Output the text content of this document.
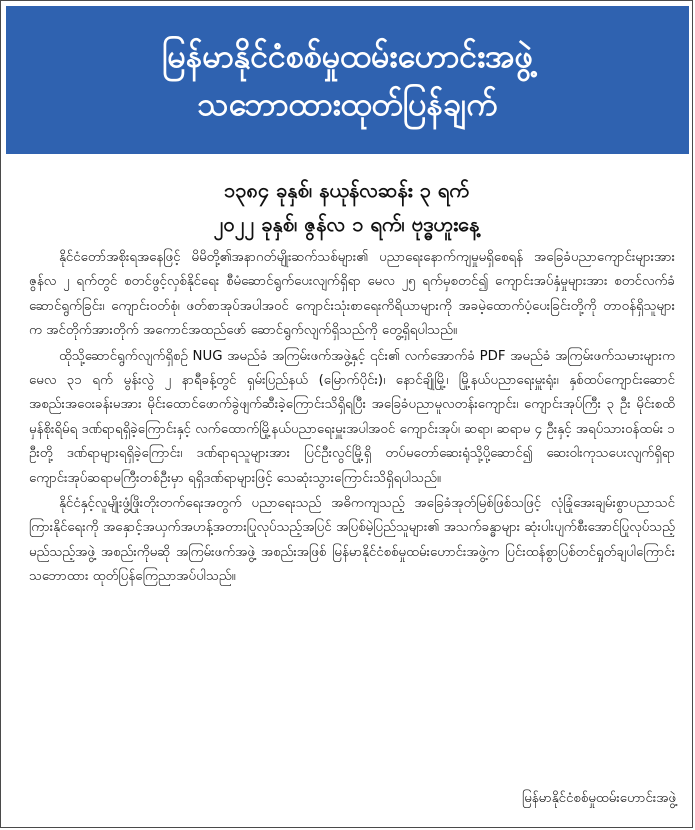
မြန်မာနိုင်ငံစစ်မှုထမ်းဟောင်းအဖွဲ့
သဘောထားထုတ်ပြန်ချက်
၁၃၈၄ ခုနှစ်၊ နယုန်လဆန်း ၃ ရက်
၂၀၂၂ ခုနှစ်၊ ဇွန်လ ၁ ရက်၊ ဗုဒ္ဓဟူးနေ့

နိုင်ငံတော်အစိုးရအနေဖြင့် မိမိတို့၏အနာဂတ်မျိုးဆက်သစ်များ၏ ပညာရေးနောက်ကျမှုမရှိစေရန် အခြေခံပညာကျောင်းများအား ဇွန်လ ၂ ရက်တွင် စတင်ဖွင့်လှစ်နိုင်ရေး စီမံဆောင်ရွက်ပေးလျက်ရှိရာ မေလ ၂၅ ရက်မှစတင်၍ ကျောင်းအပ်နှံမှုများအား စတင်လက်ခံဆောင်ရွက်ခြင်း၊ ကျောင်းဝတ်စုံ၊ ဖတ်စာအုပ်အပါအဝင် ကျောင်းသုံးစာရေးကိရိယာများကို အခမဲ့ထောက်ပံ့ပေးခြင်းတို့ကို တာဝန်ရှိသူများက အင်တိုက်အားတိုက် အကောင်အထည်ဖော် ဆောင်ရွက်လျက်ရှိသည်ကို တွေ့ရှိရပါသည်။

ထိုသို့ဆောင်ရွက်လျက်ရှိစဉ် NUG အမည်ခံ အကြမ်းဖက်အဖွဲ့နှင့် ၎င်း၏ လက်အောက်ခံ PDF အမည်ခံ အကြမ်းဖက်သမားများက မေလ ၃၁ ရက် မွန်းလွဲ ၂ နာရီခန့်တွင် ရှမ်းပြည်နယ် (မြောက်ပိုင်း)၊ နောင်ချိုမြို့၊ မြို့နယ်ပညာရေးမှူးရုံး၊ နှစ်ထပ်ကျောင်းဆောင် အစည်းအဝေးခန်းမအား မိုင်းထောင်ဖောက်ခွဲဖျက်ဆီးခဲ့ကြောင်းသိရှိရပြီး အခြေခံပညာမူလတန်းကျောင်း၊ ကျောင်းအုပ်ကြီး ၃ ဦး မိုင်းစထိမှန်စိုးရိမ်ရ ဒဏ်ရာရရှိခဲ့ကြောင်းနှင့် လက်ထောက်မြို့နယ်ပညာရေးမှူးအပါအဝင် ကျောင်းအုပ်၊ ဆရာ၊ ဆရာမ ၄ ဦးနှင့် အရပ်သားဝန်ထမ်း ၁ ဦးတို့ ဒဏ်ရာများရရှိခဲ့ကြောင်း၊ ဒဏ်ရာရသူများအား ပြင်ဦးလွင်မြို့ရှိ တပ်မတော်ဆေးရုံသို့ပို့ဆောင်၍ ဆေးဝါးကုသပေးလျက်ရှိရာ ကျောင်းအုပ်ဆရာမကြီးတစ်ဦးမှာ ရရှိဒဏ်ရာများဖြင့် သေဆုံးသွားကြောင်းသိရှိရပါသည်။

နိုင်ငံနှင့်လူမျိုးဖွံ့ဖြိုးတိုးတက်ရေးအတွက် ပညာရေးသည် အဓိကကျသည့် အခြေခံအုတ်မြစ်ဖြစ်သဖြင့် လုံခြုံအေးချမ်းစွာပညာသင်ကြားနိုင်ရေးကို အနှောင့်အယှက်အဟန့်အတားပြုလုပ်သည့်အပြင် အပြစ်မဲ့ပြည်သူများ၏ အသက်ခန္ဓာများ ဆုံးပါးပျက်စီးအောင်ပြုလုပ်သည့် မည်သည့်အဖွဲ့ အစည်းကိုမဆို အကြမ်းဖက်အဖွဲ့ အစည်းအဖြစ် မြန်မာနိုင်ငံစစ်မှုထမ်းဟောင်းအဖွဲ့က ပြင်းထန်စွာပြစ်တင်ရှုတ်ချပါကြောင်း သဘောထား ထုတ်ပြန်ကြေညာအပ်ပါသည်။

မြန်မာနိုင်ငံစစ်မှုထမ်းဟောင်းအဖွဲ့
